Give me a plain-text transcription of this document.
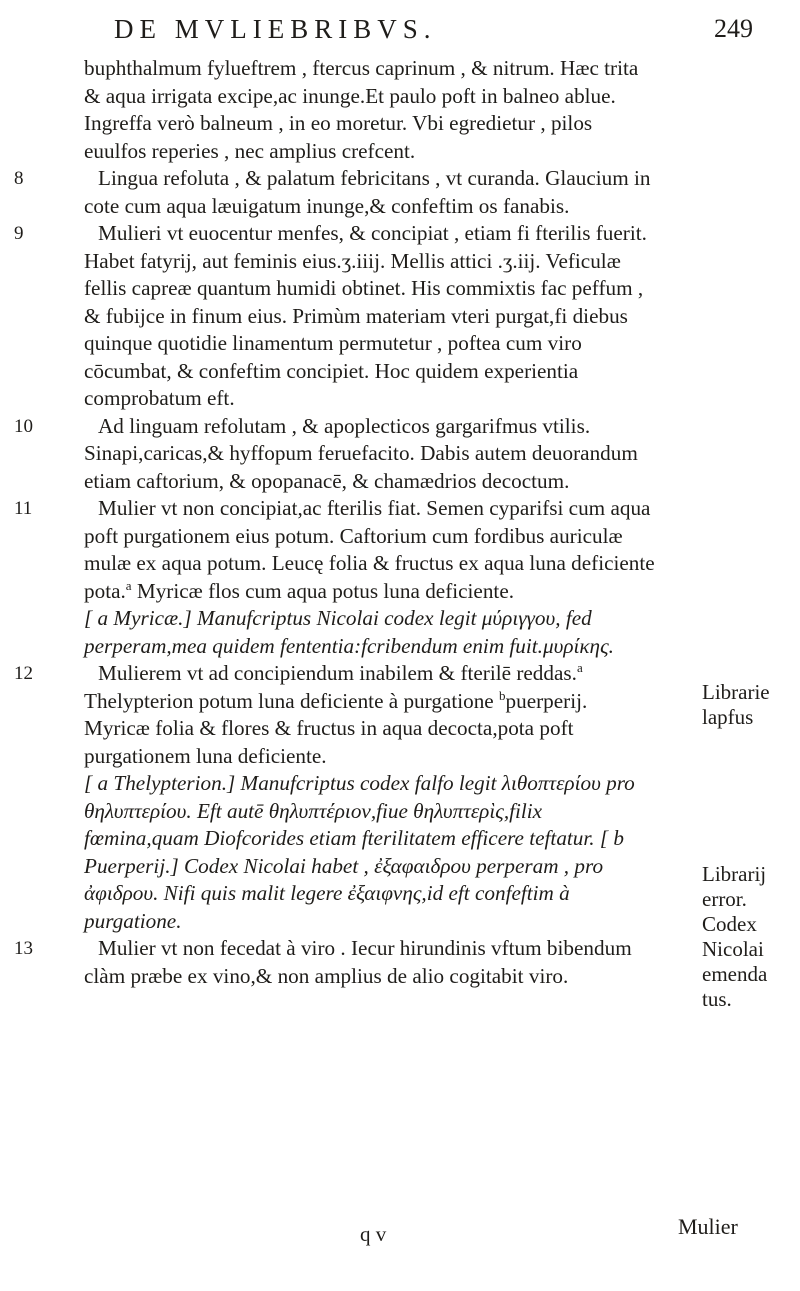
DE MVLIEBRIBVS.	249

buphthalmum fylueftrem , ftercus caprinum , & nitrum. Hæc trita & aqua irrigata excipe,ac inunge.Et paulo poft in balneo ablue. Ingreffa verò balneum , in eo moretur. Vbi egredietur , pilos euulfos reperies , nec amplius crefcent.

8	Lingua refoluta , & palatum febricitans , vt curanda. Glaucium in cote cum aqua læuigatum inunge,& confeftim os fanabis.

9	Mulieri vt euocentur menfes, & concipiat , etiam fi fterilis fuerit. Habet fatyrij, aut feminis eius.ʒ.iiij. Mellis attici .ʒ.iij. Veficulæ fellis capreæ quantum humidi obtinet. His commixtis fac peffum , & fubijce in finum eius. Primùm materiam vteri purgat,fi diebus quinque quotidie linamentum permutetur , poftea cum viro cōcumbat, & confeftim concipiet. Hoc quidem experientia comprobatum eft.

10	Ad linguam refolutam , & apoplecticos gargarifmus vtilis. Sinapi,caricas,& hyffopum feruefacito. Dabis autem deuorandum etiam caftorium, & opopanacē, & chamædrios decoctum.

11	Mulier vt non concipiat,ac fterilis fiat. Semen cyparifsi cum aqua poft purgationem eius potum. Caftorium cum fordibus auriculæ mulæ ex aqua potum. Leucę folia & fructus ex aqua luna deficiente pota.$^a$ Myricæ flos cum aqua potus luna deficiente.

[ a Myricæ.] Manufcriptus Nicolai codex legit μύριγγου, fed perperam,mea quidem fententia:fcribendum enim fuit.μυρίκης.

12	Mulierem vt ad concipiendum inabilem & fterilē reddas.$^a$ Thelypterion potum luna deficiente à purgatione $^b$puerperij. Myricæ folia & flores & fructus in aqua decocta,pota poft purgationem luna deficiente.

[ a Thelypterion.] Manufcriptus codex falfo legit λιθοπτερίου pro θηλυπτερίου. Eft autē θηλυπτέριον,fiue θηλυπτερὶς,filix fœmina,quam Diofcorides etiam fterilitatem efficere teftatur. [ b Puerperij.] Codex Nicolai habet , ἐξαφαιδρου perperam , pro ἀφιδρου. Nifi quis malit legere ἐξαιφνης,id eft confeftim à purgatione.

13	Mulier vt non fecedat à viro . Iecur hirundinis vftum bibendum clàm præbe ex vino,& non amplius de alio cogitabit viro.

Librarie lapfus
Librarij error. Codex Nicolai emenda tus.
q v	Mulier
